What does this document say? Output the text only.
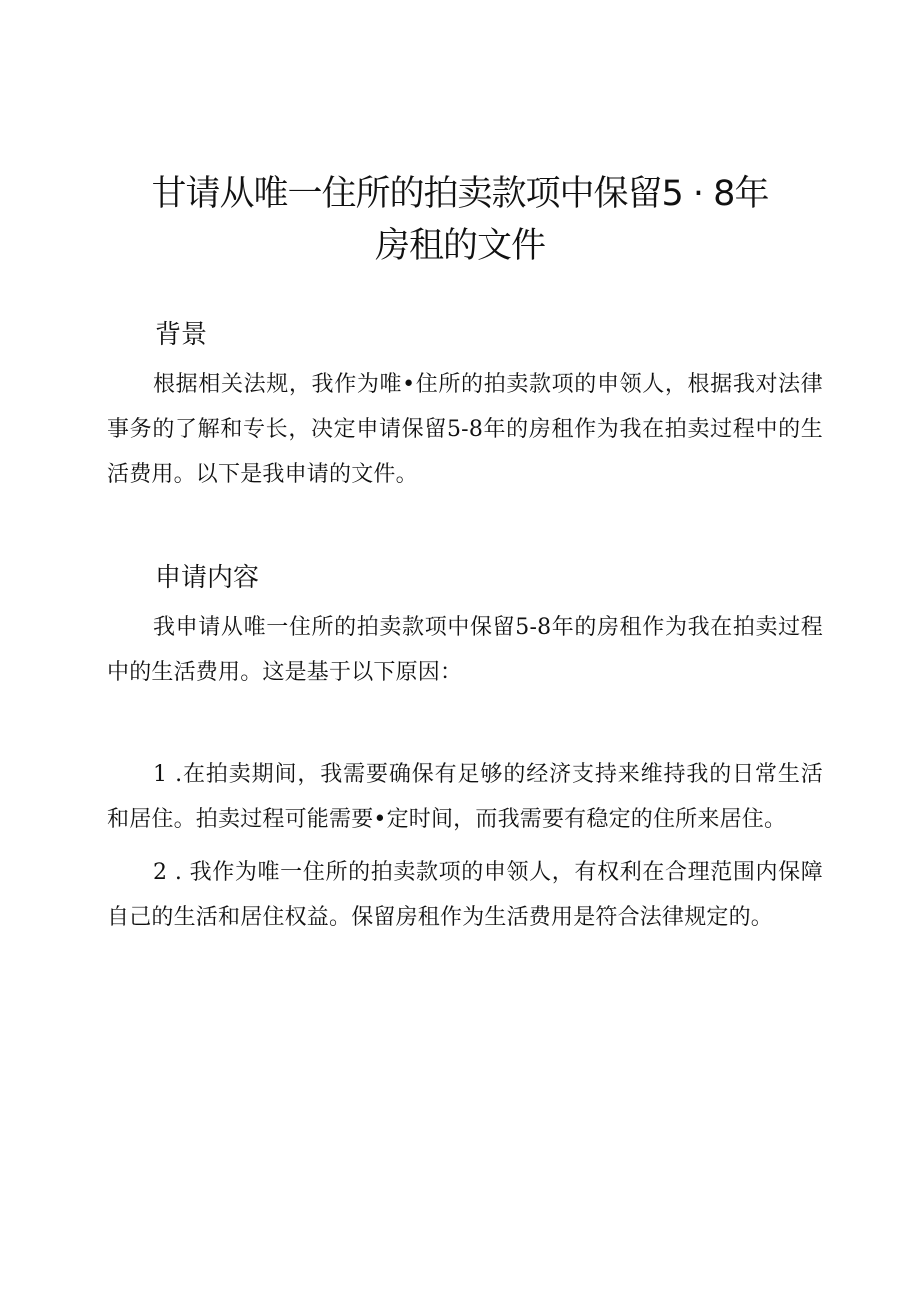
甘请从唯一住所的拍卖款项中保留5 · 8年
房租的文件
背景

根据相关法规，我作为唯•住所的拍卖款项的申领人，根据我对法律事务的了解和专长，决定申请保留5-8年的房租作为我在拍卖过程中的生活费用。以下是我申请的文件。

申请内容

我申请从唯一住所的拍卖款项中保留5-8年的房租作为我在拍卖过程中的生活费用。这是基于以下原因：

1 .在拍卖期间，我需要确保有足够的经济支持来维持我的日常生活和居住。拍卖过程可能需要•定时间，而我需要有稳定的住所来居住。

2 . 我作为唯一住所的拍卖款项的申领人，有权利在合理范围内保障自己的生活和居住权益。保留房租作为生活费用是符合法律规定的。
